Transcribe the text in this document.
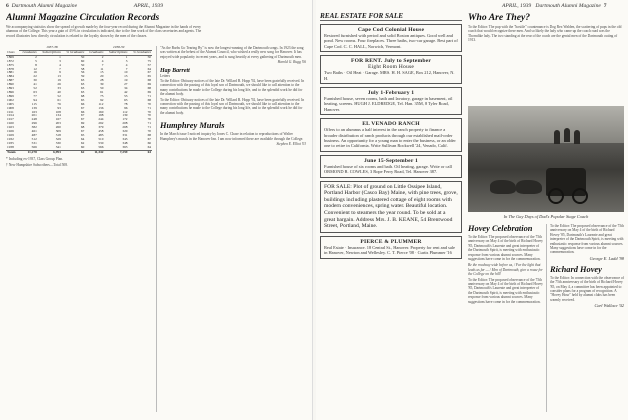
6 Dartmouth Alumni Magazine	APRIL, 1939
Alumni Magazine Circulation Records

We accompanying statistics show the spread of growth made by the four-year record during the Alumni Magazine in the hands of every alumnus of the College. This year a gain of 4½% in circulation is indicated, due to the fine work of the class secretaries and agents. The record illustrates how directly circulation is related to the loyalty shown by the men of the classes.

	1937-38			1938-39		
Class	Graduates	Subscriptions	% Graduates	Graduates	Subscriptions	% Graduates
1869	2	1	50	2	1	50
1872	5	3	60	4	3	75
1875	8	4	50	7	4	57
1878	12	7	58	11	7	64
1881	16	9	56	15	10	67
1884	22	13	59	20	13	65
1887	30	19	63	28	19	68
1890	41	26	63	39	27	69
1893	52	33	63	50	34	68
1896	63	40	63	61	42	69
1899	77	52	68	75	53	71
1902	94	61	65	92	63	68
1905	115	76	66	112	78	70
1908	139	93	67	136	96	71
1911	163	108	66	160	112	70
1914	201	134	67	198	139	70
1917	248	167	67	244	172	70
1920	296	203	69	292	208	71
1923	382	260	68	379	268	71
1926	461	309	67	458	320	70
1929	487	318	65	485	331	68
1932	512	329	64	510	343	67
1935	531	330	62	530	348	66
1938	566	341	60	566	363	64
Totals	11,278	6,993	62	11,342	7,259	64

* Including ex-1937, Class Group Plan.

† New Hampshire Subscribers—Total 508.

"As the Barbs Go Tearing By" is now the longest-running of the Dartmouth songs. In 1923 the song was written at the behest of the Alumni Council, who wished a really new song for Hanover. It has enjoyed wide popularity in recent years, and is sung heartily at every gathering of Dartmouth men.

Harold G. Rugg '06

Hap Barrett

Letters

To the Editor: Obituary notices of the late Dr. Willard B. Hopp '92, have been gratefully received. In connection with the passing of this loyal son of Dartmouth, we should like to call attention to the many contributions he made to the College during his long life, and to the splendid work he did for the alumni body.

To the Editor: Obituary notices of the late Dr. Willard B. Hopp '92, have been gratefully received. In connection with the passing of this loyal son of Dartmouth, we should like to call attention to the many contributions he made to the College during his long life, and to the splendid work he did for the alumni body.

Humphrey Murals

In the March issue I noticed inquiry by Jones C. Chase in relation to reproductions of Walter Humphrey's murals in the Hanover Inn. I am now informed these are available through the College.

Stephen E. Elliot '03

APRIL, 1939 Dartmouth Alumni Magazine 7
REAL ESTATE FOR SALE
Cape Cod Colonial House
Restored furnished with period and solid Boston antiques. Good well and pond. New rooms. Four fireplaces. Three baths, two-car garage. Best part of Cape Cod. C. C. HALL, Norwich, Vermont.
FOR RENT. July to September
Eight Room House
Two Baths · Oil Heat · Garage. MRS. H. H. SAGE, Box 212, Hanover, N. H.
July 1-February 1
Furnished house, seven rooms, bath and lavatory, garage in basement, oil heating, screens. HUGH J. ELDREDGE, Tel. Han. 35M, 8 Tyler Road, Hanover.
EL VENADO RANCH
Offers to an alumnus a half interest in the ranch property to finance a broader distribution of ranch products through our established mail-order business. An opportunity for a young man to enter the business, or an older one to retire in California. Write Sullivan Rockwell '24, Venado, Calif.
June 15-September 1
Furnished house of six rooms and bath. Oil heating, garage. Write or call ORMOND R. COWLES, 3 Rope Ferry Road, Tel. Hanover 387.
FOR SALE: Plot of ground on Little Ossipee Island, Portland Harbor (Casco Bay) Maine, with pine trees, grove, buildings including plastered cottage of eight rooms with modern conveniences, spring water. Beautiful location. Convenient to steamers the year round. To be sold at a great bargain. Address Mrs. J. B. KEANE, 54 Brentwood Street, Portland, Maine.
PIERCE & PLUMMER
Real Estate · Insurance. 18 Central St., Hanover. Property for rent and sale in Hanover, Newton and Wellesley. C. T. Pierce '08 · Curtis Plummer '16
Who Are They?

To the Editor: The pup with the "hostile" countenance is Dog Rex Walden, the scattering of pups in the old coach that would recognize these men. And so likely the lady who came up the coach road was the Thorndike lady. The two standing at the rear of the coach are the genial men of the Dartmouth outing of 1913.

In The Gay Days of Dad's Popular Stage Coach
Hovey Celebration

To the Editor: The proposed observance of the 75th anniversary on May 4 of the birth of Richard Hovey '85, Dartmouth's Laureate and great interpreter of the Dartmouth Spirit, is meeting with enthusiastic response from various alumni sources. Many suggestions have come in for the commemoration.

Be the roadway wide before us, / Far the light that leads us far — / Men of Dartmouth, give a rouse for the College on the hill!

To the Editor: The proposed observance of the 75th anniversary on May 4 of the birth of Richard Hovey '85, Dartmouth's Laureate and great interpreter of the Dartmouth Spirit, is meeting with enthusiastic response from various alumni sources. Many suggestions have come in for the commemoration.

To the Editor: The proposed observance of the 75th anniversary on May 4 of the birth of Richard Hovey '85, Dartmouth's Laureate and great interpreter of the Dartmouth Spirit, is meeting with enthusiastic response from various alumni sources. Many suggestions have come in for the commemoration.

George E. Ladd '98

Richard Hovey

To the Editor: In connection with the observance of the 75th anniversary of the birth of Richard Hovey '85, on May 4, a committee has been appointed to consider plans for a program of recognition. A "Hovey Hour" held by alumni clubs has been warmly received.

Carl Wallace '02
